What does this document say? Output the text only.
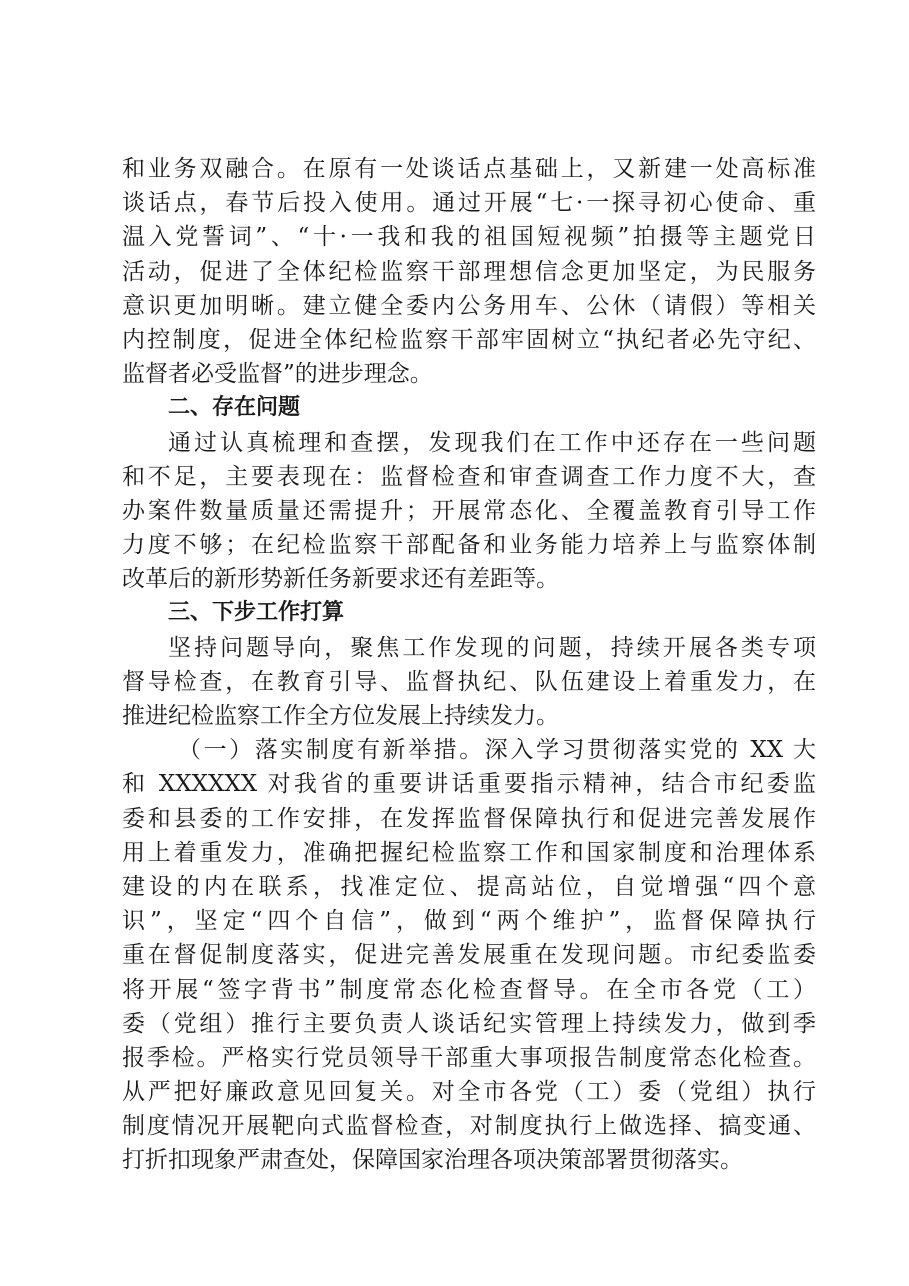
和业务双融合。在原有一处谈话点基础上，又新建一处高标准
谈话点，春节后投入使用。通过开展“七·一探寻初心使命、重
温入党誓词”、“十·一我和我的祖国短视频”拍摄等主题党日
活动，促进了全体纪检监察干部理想信念更加坚定，为民服务
意识更加明晰。建立健全委内公务用车、公休（请假）等相关
内控制度，促进全体纪检监察干部牢固树立“执纪者必先守纪、
监督者必受监督”的进步理念。
二、存在问题
通过认真梳理和查摆，发现我们在工作中还存在一些问题
和不足，主要表现在：监督检查和审查调查工作力度不大，查
办案件数量质量还需提升；开展常态化、全覆盖教育引导工作
力度不够；在纪检监察干部配备和业务能力培养上与监察体制
改革后的新形势新任务新要求还有差距等。
三、下步工作打算
坚持问题导向，聚焦工作发现的问题，持续开展各类专项
督导检查，在教育引导、监督执纪、队伍建设上着重发力，在
推进纪检监察工作全方位发展上持续发力。
（一）落实制度有新举措。深入学习贯彻落实党的 XX 大
和 XXXXXX 对我省的重要讲话重要指示精神，结合市纪委监
委和县委的工作安排，在发挥监督保障执行和促进完善发展作
用上着重发力，准确把握纪检监察工作和国家制度和治理体系
建设的内在联系，找准定位、提高站位，自觉增强“四个意
识”，坚定“四个自信”，做到“两个维护”，监督保障执行
重在督促制度落实，促进完善发展重在发现问题。市纪委监委
将开展“签字背书”制度常态化检查督导。在全市各党（工）
委（党组）推行主要负责人谈话纪实管理上持续发力，做到季
报季检。严格实行党员领导干部重大事项报告制度常态化检查。
从严把好廉政意见回复关。对全市各党（工）委（党组）执行
制度情况开展靶向式监督检查，对制度执行上做选择、搞变通、
打折扣现象严肃查处，保障国家治理各项决策部署贯彻落实。
